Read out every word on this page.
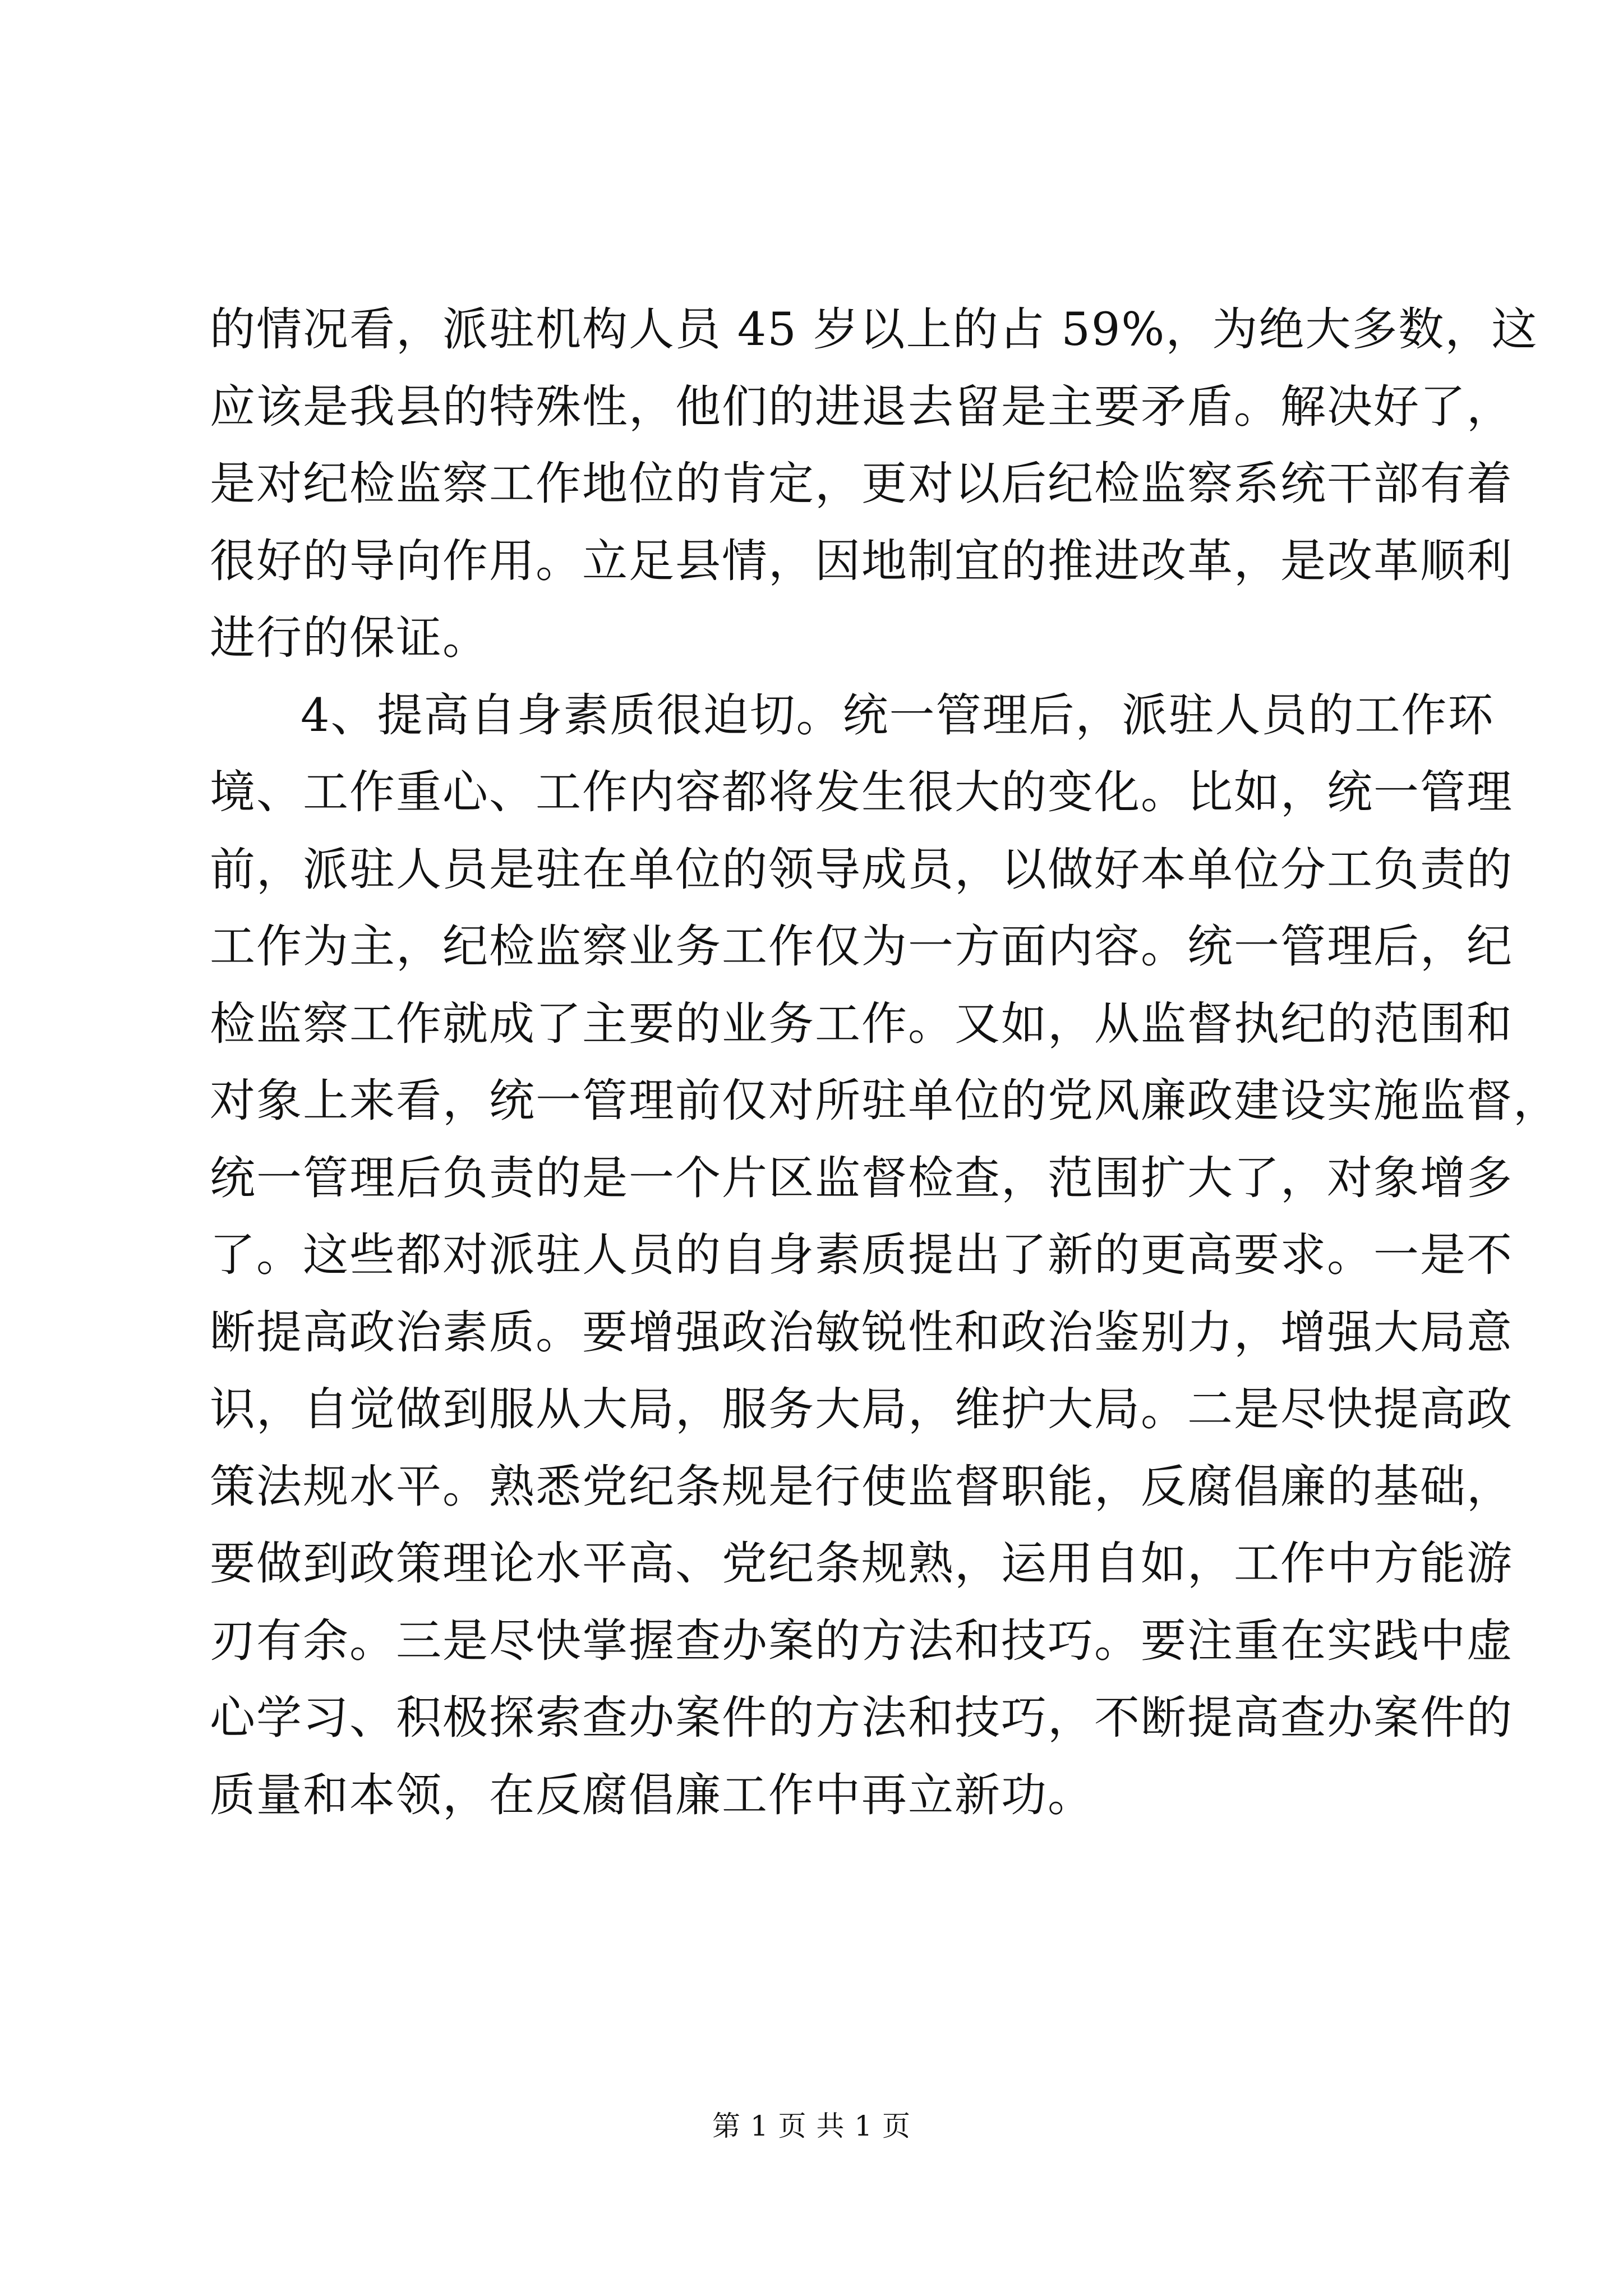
的情况看，派驻机构人员 45 岁以上的占 59%，为绝大多数，这
应该是我县的特殊性，他们的进退去留是主要矛盾。解决好了，
是对纪检监察工作地位的肯定，更对以后纪检监察系统干部有着
很好的导向作用。立足县情，因地制宜的推进改革，是改革顺利
进行的保证。
4、提高自身素质很迫切。统一管理后，派驻人员的工作环
境、工作重心、工作内容都将发生很大的变化。比如，统一管理
前，派驻人员是驻在单位的领导成员，以做好本单位分工负责的
工作为主，纪检监察业务工作仅为一方面内容。统一管理后，纪
检监察工作就成了主要的业务工作。又如，从监督执纪的范围和
对象上来看，统一管理前仅对所驻单位的党风廉政建设实施监督，
统一管理后负责的是一个片区监督检查，范围扩大了，对象增多
了。这些都对派驻人员的自身素质提出了新的更高要求。一是不
断提高政治素质。要增强政治敏锐性和政治鉴别力，增强大局意
识，自觉做到服从大局，服务大局，维护大局。二是尽快提高政
策法规水平。熟悉党纪条规是行使监督职能，反腐倡廉的基础，
要做到政策理论水平高、党纪条规熟，运用自如，工作中方能游
刃有余。三是尽快掌握查办案的方法和技巧。要注重在实践中虚
心学习、积极探索查办案件的方法和技巧，不断提高查办案件的
质量和本领，在反腐倡廉工作中再立新功。
第 1 页 共 1 页
